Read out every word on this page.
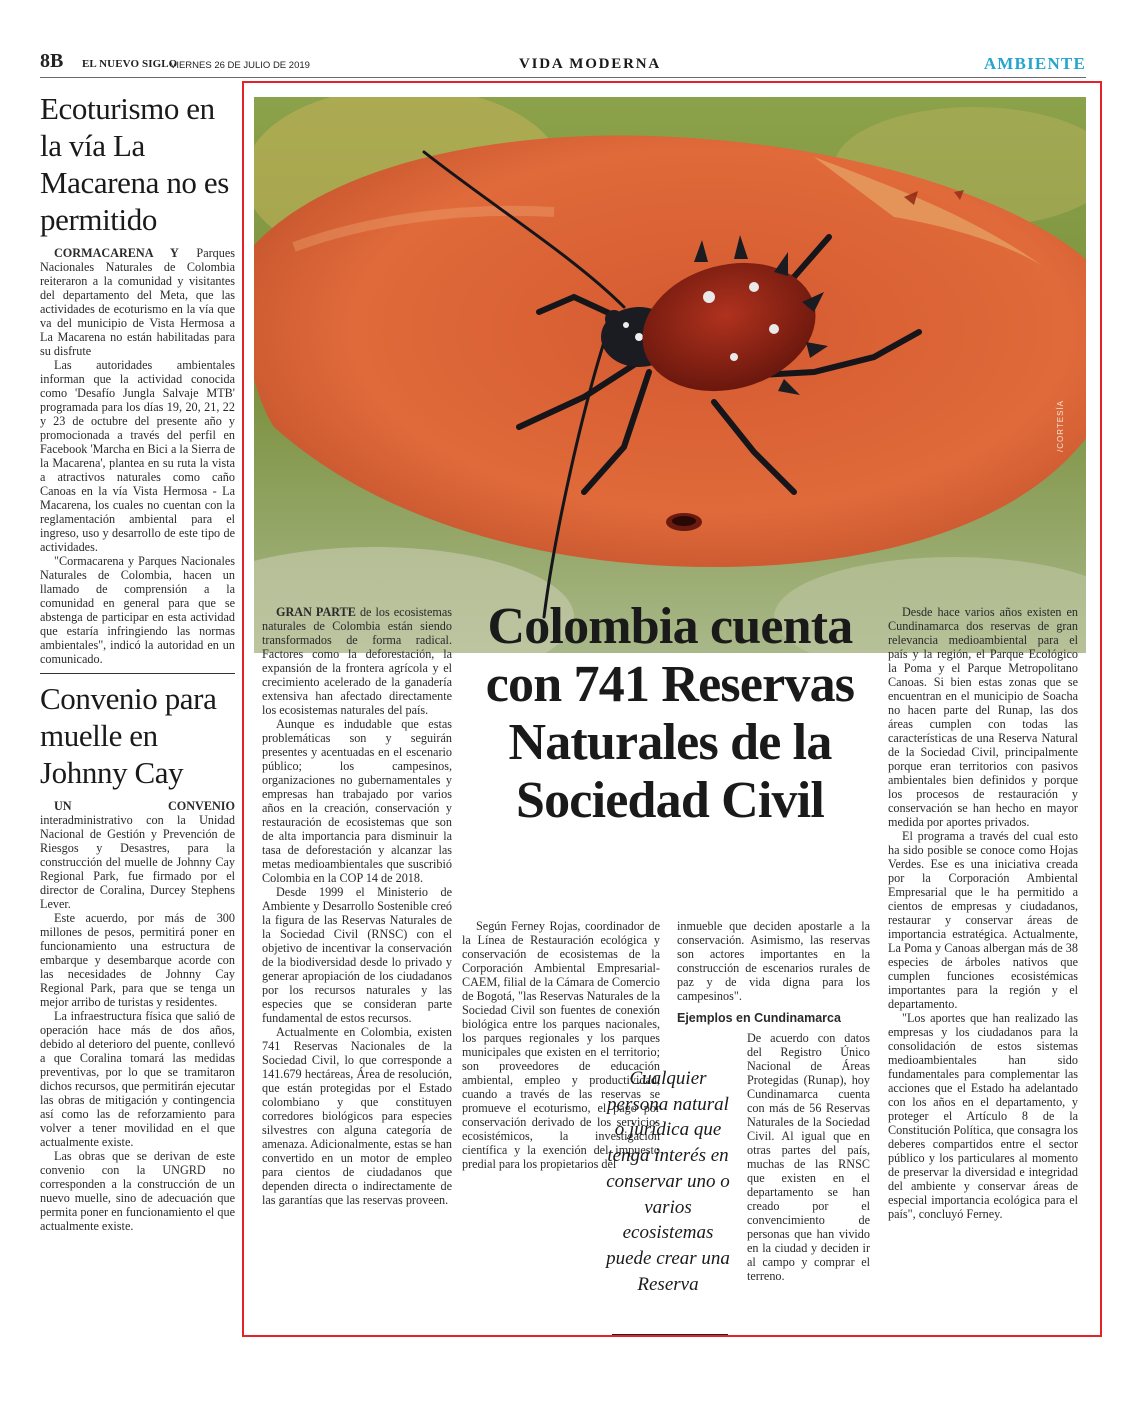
8B EL NUEVO SIGLO
VIERNES 26 DE JULIO DE 2019	VIDA MODERNA	AMBIENTE
Ecoturismo en la vía La Macarena no es permitido

CORMACARENA Y Parques Nacionales Naturales de Colombia reiteraron a la comunidad y visitantes del departamento del Meta, que las actividades de ecoturismo en la vía que va del municipio de Vista Hermosa a La Macarena no están habilitadas para su disfrute

Las autoridades ambientales informan que la actividad conocida como 'Desafío Jungla Salvaje MTB' programada para los días 19, 20, 21, 22 y 23 de octubre del presente año y promocionada a través del perfil en Facebook 'Marcha en Bici a la Sierra de la Macarena', plantea en su ruta la vista a atractivos naturales como caño Canoas en la vía Vista Hermosa - La Macarena, los cuales no cuentan con la reglamentación ambiental para el ingreso, uso y desarrollo de este tipo de actividades.

"Cormacarena y Parques Nacionales Naturales de Colombia, hacen un llamado de comprensión a la comunidad en general para que se abstenga de participar en esta actividad que estaría infringiendo las normas ambientales", indicó la autoridad en un comunicado.

Convenio para muelle en Johnny Cay

UN CONVENIO interadministrativo con la Unidad Nacional de Gestión y Prevención de Riesgos y Desastres, para la construcción del muelle de Johnny Cay Regional Park, fue firmado por el director de Coralina, Durcey Stephens Lever.

Este acuerdo, por más de 300 millones de pesos, permitirá poner en funcionamiento una estructura de embarque y desembarque acorde con las necesidades de Johnny Cay Regional Park, para que se tenga un mejor arribo de turistas y residentes.

La infraestructura física que salió de operación hace más de dos años, debido al deterioro del puente, conllevó a que Coralina tomará las medidas preventivas, por lo que se tramitaron dichos recursos, que permitirán ejecutar las obras de mitigación y contingencia así como las de reforzamiento para volver a tener movilidad en el que actualmente existe.

Las obras que se derivan de este convenio con la UNGRD no corresponden a la construcción de un nuevo muelle, sino de adecuación que permita poner en funcionamiento el que actualmente existe.

/CORTESÍA
Colombia cuenta con 741 Reservas Naturales de la Sociedad Civil

GRAN PARTE de los ecosistemas naturales de Colombia están siendo transformados de forma radical. Factores como la deforestación, la expansión de la frontera agrícola y el crecimiento acelerado de la ganadería extensiva han afectado directamente los ecosistemas naturales del país.

Aunque es indudable que estas problemáticas son y seguirán presentes y acentuadas en el escenario público; los campesinos, organizaciones no gubernamentales y empresas han trabajado por varios años en la creación, conservación y restauración de ecosistemas que son de alta importancia para disminuir la tasa de deforestación y alcanzar las metas medioambientales que suscribió Colombia en la COP 14 de 2018.

Desde 1999 el Ministerio de Ambiente y Desarrollo Sostenible creó la figura de las Reservas Naturales de la Sociedad Civil (RNSC) con el objetivo de incentivar la conservación de la biodiversidad desde lo privado y generar apropiación de los ciudadanos por los recursos naturales y las especies que se consideran parte fundamental de estos recursos.

Actualmente en Colombia, existen 741 Reservas Nacionales de la Sociedad Civil, lo que corresponde a 141.679 hectáreas, Área de resolución, que están protegidas por el Estado colombiano y que constituyen corredores biológicos para especies silvestres con alguna categoría de amenaza. Adicionalmente, estas se han convertido en un motor de empleo para cientos de ciudadanos que dependen directa o indirectamente de las garantías que las reservas proveen.

Según Ferney Rojas, coordinador de la Línea de Restauración ecológica y conservación de ecosistemas de la Corporación Ambiental Empresarial- CAEM, filial de la Cámara de Comercio de Bogotá, "las Reservas Naturales de la Sociedad Civil son fuentes de conexión biológica entre los parques nacionales, los parques regionales y los parques municipales que existen en el territorio; son proveedores de educación ambiental, empleo y productividad, cuando a través de las reservas se promueve el ecoturismo, el pago por conservación derivado de los servicios ecosistémicos, la investigación científica y la exención del impuesto predial para los propietarios del

inmueble que deciden apostarle a la conservación. Asimismo, las reservas son actores importantes en la construcción de escenarios rurales de paz y de vida digna para los campesinos".

Ejemplos en Cundinamarca

De acuerdo con datos del Registro Único Nacional de Áreas Protegidas (Runap), hoy Cundinamarca cuenta con más de 56 Reservas Naturales de la Sociedad Civil. Al igual que en otras partes del país, muchas de las RNSC que existen en el departamento se han creado por el convencimiento de personas que han vivido en la ciudad y deciden ir al campo y comprar el terreno.

Desde hace varios años existen en Cundinamarca dos reservas de gran relevancia medioambiental para el país y la región, el Parque Ecológico la Poma y el Parque Metropolitano Canoas. Si bien estas zonas que se encuentran en el municipio de Soacha no hacen parte del Runap, las dos áreas cumplen con todas las características de una Reserva Natural de la Sociedad Civil, principalmente porque eran territorios con pasivos ambientales bien definidos y porque los procesos de restauración y conservación se han hecho en mayor medida por aportes privados.

El programa a través del cual esto ha sido posible se conoce como Hojas Verdes. Ese es una iniciativa creada por la Corporación Ambiental Empresarial que le ha permitido a cientos de empresas y ciudadanos, restaurar y conservar áreas de importancia estratégica. Actualmente, La Poma y Canoas albergan más de 38 especies de árboles nativos que cumplen funciones ecosistémicas importantes para la región y el departamento.

"Los aportes que han realizado las empresas y los ciudadanos para la consolidación de estos sistemas medioambientales han sido fundamentales para complementar las acciones que el Estado ha adelantado con los años en el departamento, y proteger el Artículo 8 de la Constitución Política, que consagra los deberes compartidos entre el sector público y los particulares al momento de preservar la diversidad e integridad del ambiente y conservar áreas de especial importancia ecológica para el país", concluyó Ferney.

Cualquier persona natural o jurídica que tenga interés en conservar uno o varios ecosistemas puede crear una Reserva
